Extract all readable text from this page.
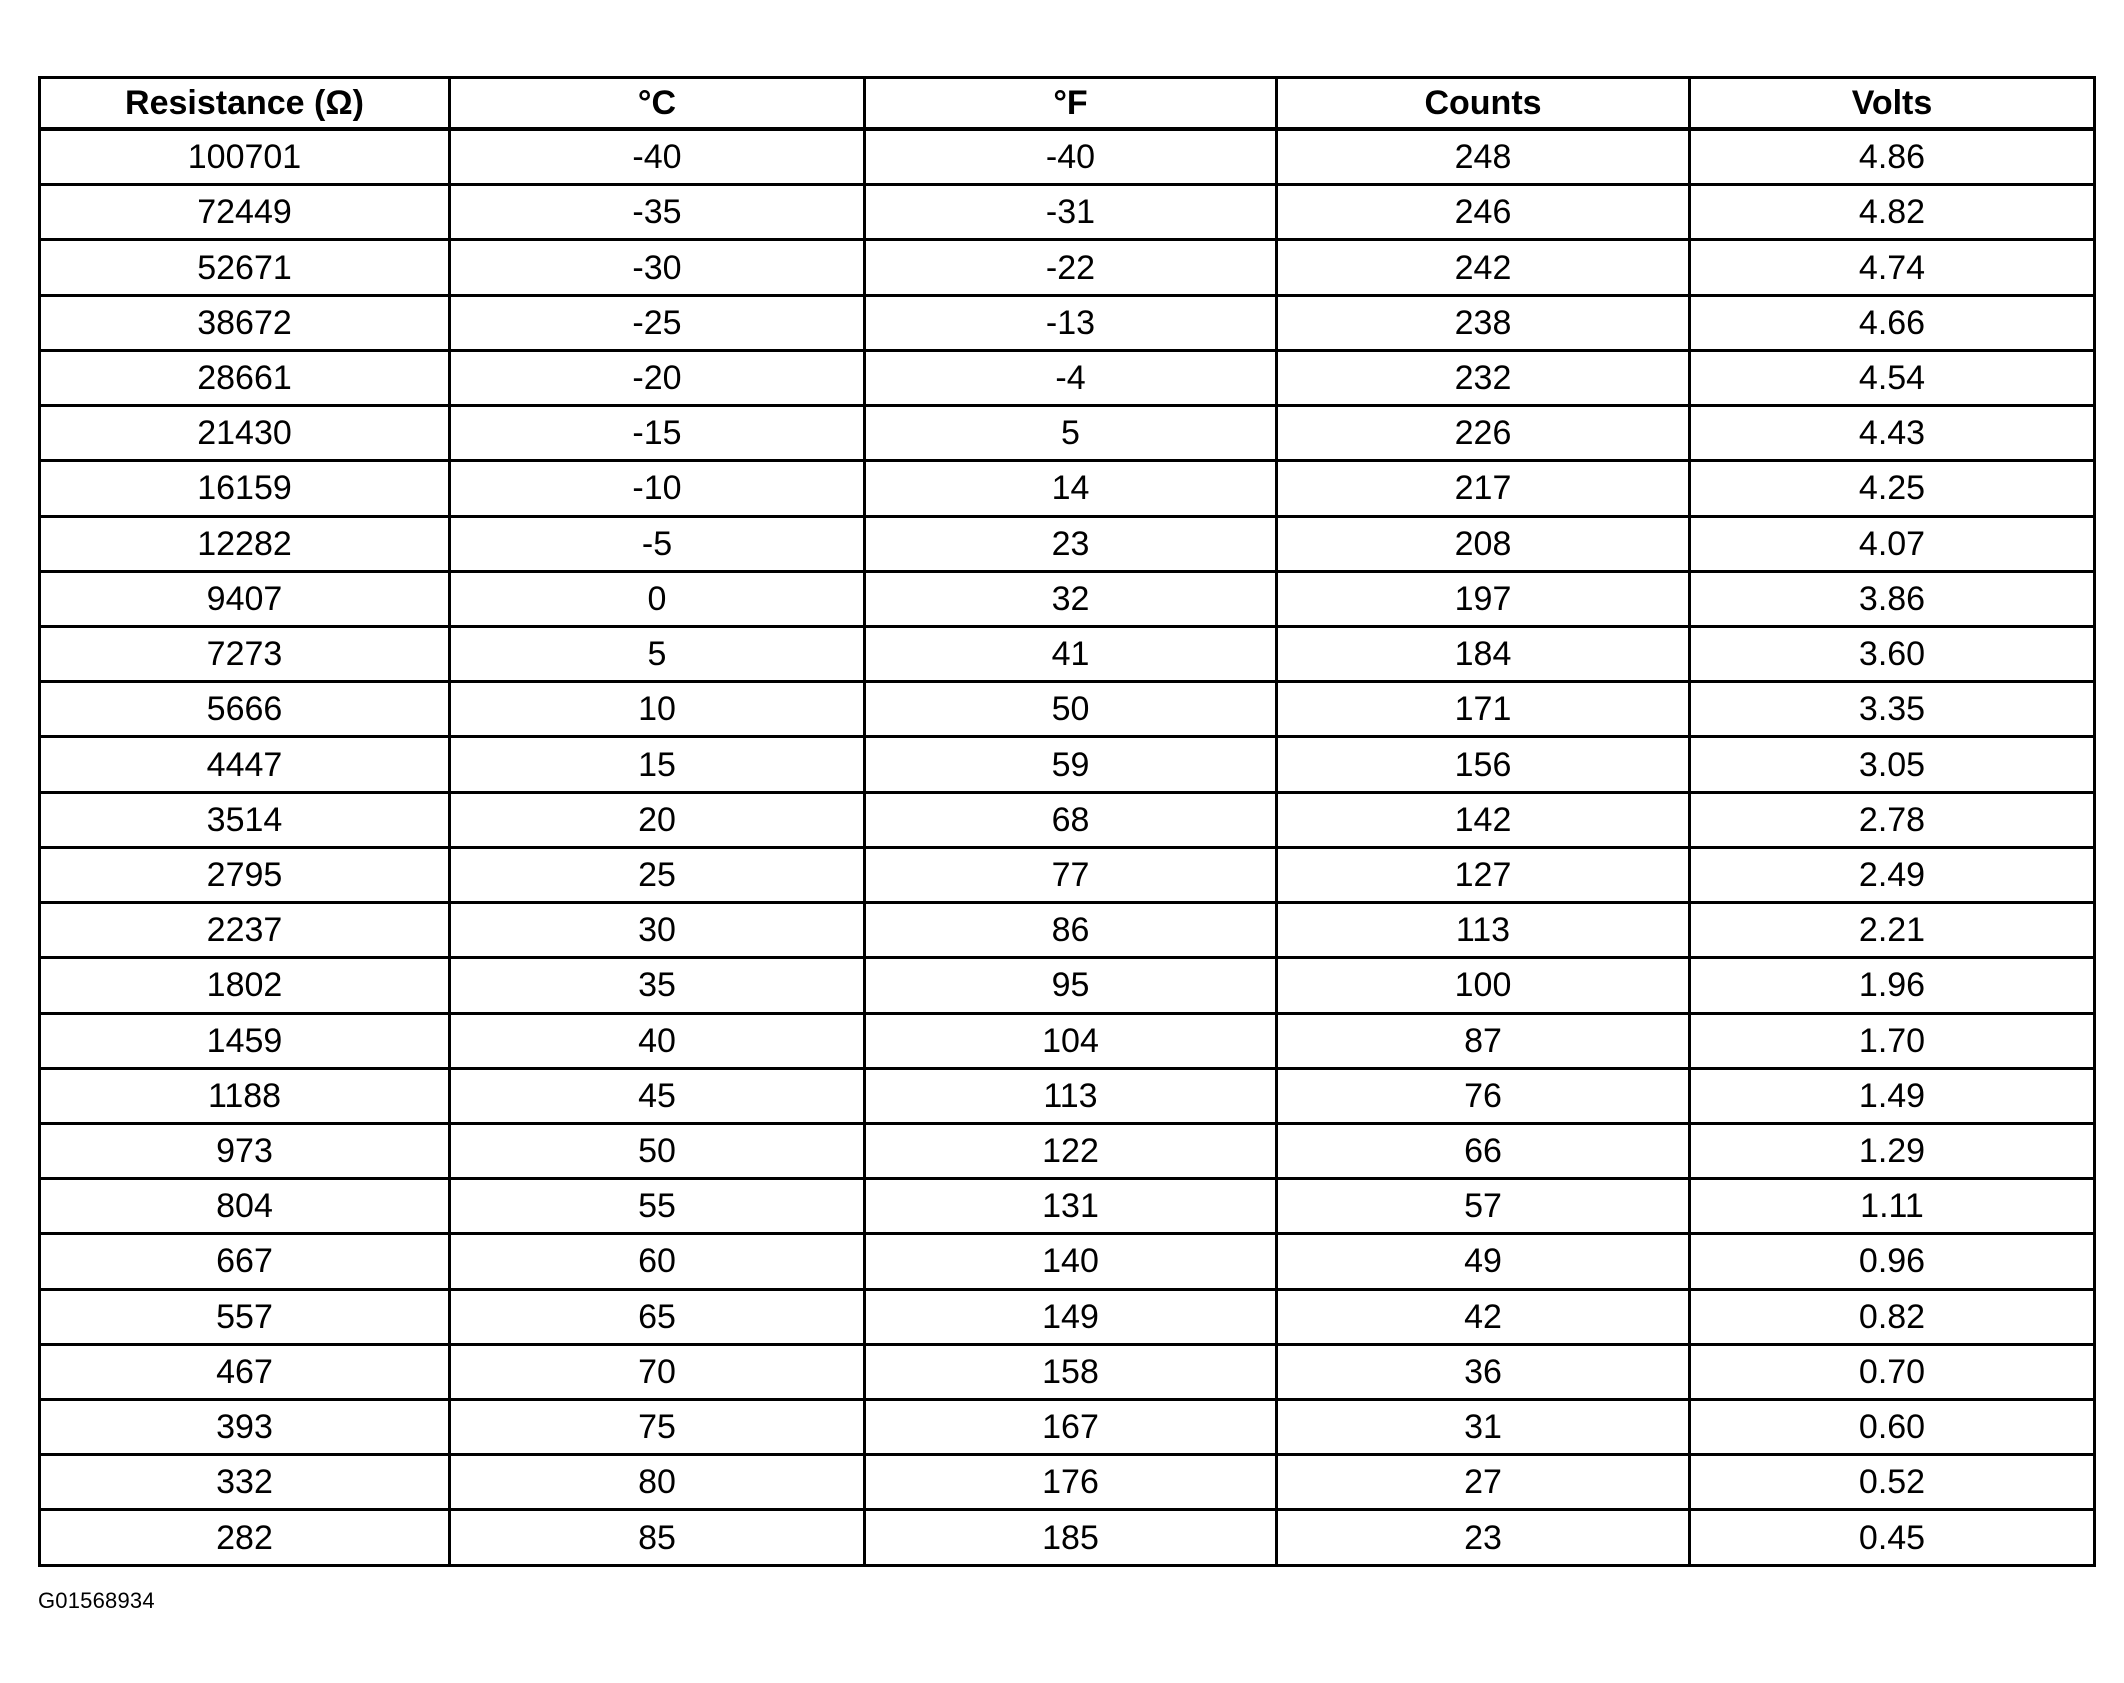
Resistance (Ω)	°C	°F	Counts	Volts
100701	-40	-40	248	4.86
72449	-35	-31	246	4.82
52671	-30	-22	242	4.74
38672	-25	-13	238	4.66
28661	-20	-4	232	4.54
21430	-15	5	226	4.43
16159	-10	14	217	4.25
12282	-5	23	208	4.07
9407	0	32	197	3.86
7273	5	41	184	3.60
5666	10	50	171	3.35
4447	15	59	156	3.05
3514	20	68	142	2.78
2795	25	77	127	2.49
2237	30	86	113	2.21
1802	35	95	100	1.96
1459	40	104	87	1.70
1188	45	113	76	1.49
973	50	122	66	1.29
804	55	131	57	1.11
667	60	140	49	0.96
557	65	149	42	0.82
467	70	158	36	0.70
393	75	167	31	0.60
332	80	176	27	0.52
282	85	185	23	0.45
G01568934
